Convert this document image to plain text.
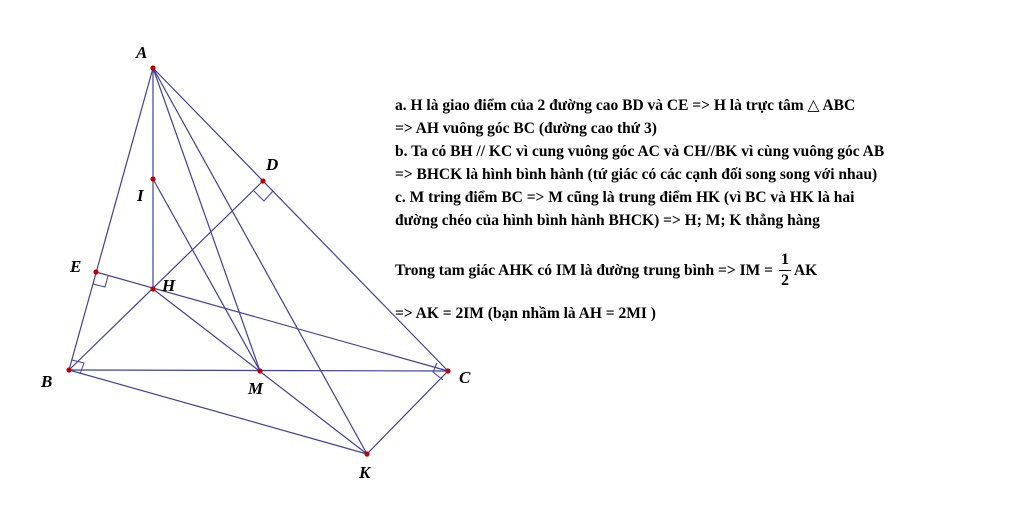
A
B	C
D
E
H
I
M
K
a. H là giao điểm của 2 đường cao BD và CE => H là trực tâm △ ABC
=> AH vuông góc BC (đường cao thứ 3)
b. Ta có BH // KC vì cung vuông góc AC và CH//BK vì cùng vuông góc AB
=> BHCK là hình bình hành (tứ giác có các cạnh đối song song với nhau)
c. M tring điểm BC => M cũng là trung điểm HK (vì BC và HK là hai
đường chéo của hình bình hành BHCK) => H; M; K thẳng hàng
Trong tam giác AHK có IM là đường trung bình => IM = $\frac{1}{2}$ AK
=> AK = 2IM (bạn nhầm là AH = 2MI )
